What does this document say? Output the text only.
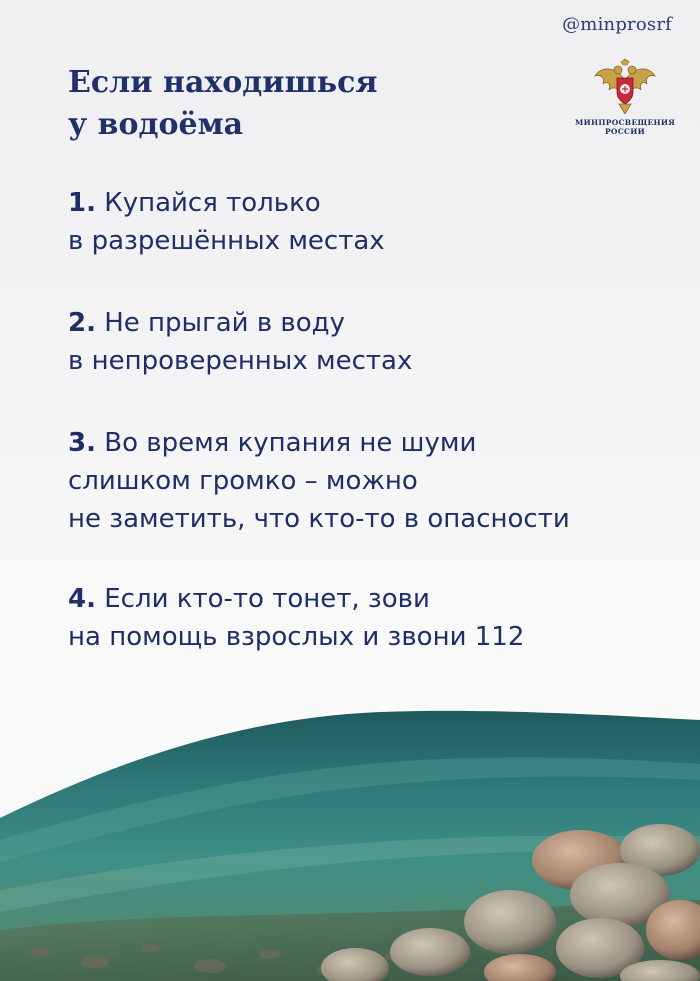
@minprosrf
Если находишься
у водоёма	МИНПРОСВЕЩЕНИЯ
РОССИИ
1. Купайся только
в разрешённых местах
2. Не прыгай в воду
в непроверенных местах
3. Во время купания не шуми
слишком громко – можно
не заметить, что кто-то в опасности
4. Если кто-то тонет, зови
на помощь взрослых и звони 112
